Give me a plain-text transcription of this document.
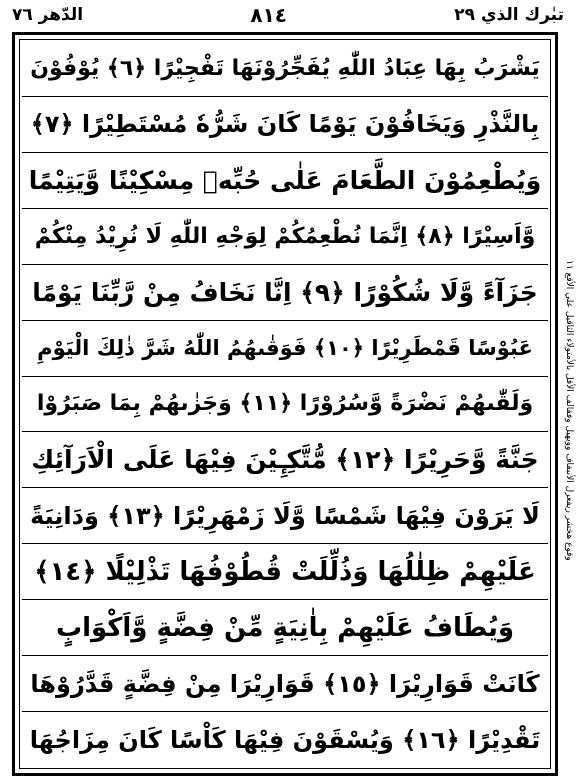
تبٰرك الذي ٢٩
٨١٤
الدّهر ٧٦
يَشْرَبُ بِهَا عِبَادُ اللّٰهِ يُفَجِّرُوْنَهَا تَفْجِيْرًا ﴿٦﴾ يُوْفُوْنَ
بِالنَّذْرِ وَيَخَافُوْنَ يَوْمًا كَانَ شَرُّهٗ مُسْتَطِيْرًا ﴿٧﴾
وَيُطْعِمُوْنَ الطَّعَامَ عَلٰى حُبِّهٖ مِسْكِيْنًا وَّيَتِيْمًا
وَّاَسِيْرًا ﴿٨﴾ اِنَّمَا نُطْعِمُكُمْ لِوَجْهِ اللّٰهِ لَا نُرِيْدُ مِنْكُمْ
جَزَآءً وَّلَا شُكُوْرًا ﴿٩﴾ اِنَّا نَخَافُ مِنْ رَّبِّنَا يَوْمًا
عَبُوْسًا قَمْطَرِيْرًا ﴿١٠﴾ فَوَقٰىهُمُ اللّٰهُ شَرَّ ذٰلِكَ الْيَوْمِ
وَلَقّٰىهُمْ نَضْرَةً وَّسُرُوْرًا ﴿١١﴾ وَجَزٰىهُمْ بِمَا صَبَرُوْا
جَنَّةً وَّحَرِيْرًا ﴿١٢﴾ مُّتَّكِـِٕيْنَ فِيْهَا عَلَى الْاَرَآئِكِ
لَا يَرَوْنَ فِيْهَا شَمْسًا وَّلَا زَمْهَرِيْرًا ﴿١٣﴾ وَدَانِيَةً
عَلَيْهِمْ ظِلٰلُهَا وَذُلِّلَتْ قُطُوْفُهَا تَذْلِيْلًا ﴿١٤﴾
وَيُطَافُ عَلَيْهِمْ بِاٰنِيَةٍ مِّنْ فِضَّةٍ وَّاَكْوَابٍ
كَانَتْ قَوَارِيْرَا ﴿١٥﴾ قَوَارِيْرَا مِنْ فِضَّةٍ قَدَّرُوْهَا
تَقْدِيْرًا ﴿١٦﴾ وَيُسْقَوْنَ فِيْهَا كَاْسًا كَانَ مِزَاجُهَا
وقوع هخشر ريفعرل الأنبقاف وويهيل وفقالف الأقل بالأمتولاء الثاقيل علي الأقع ١١
